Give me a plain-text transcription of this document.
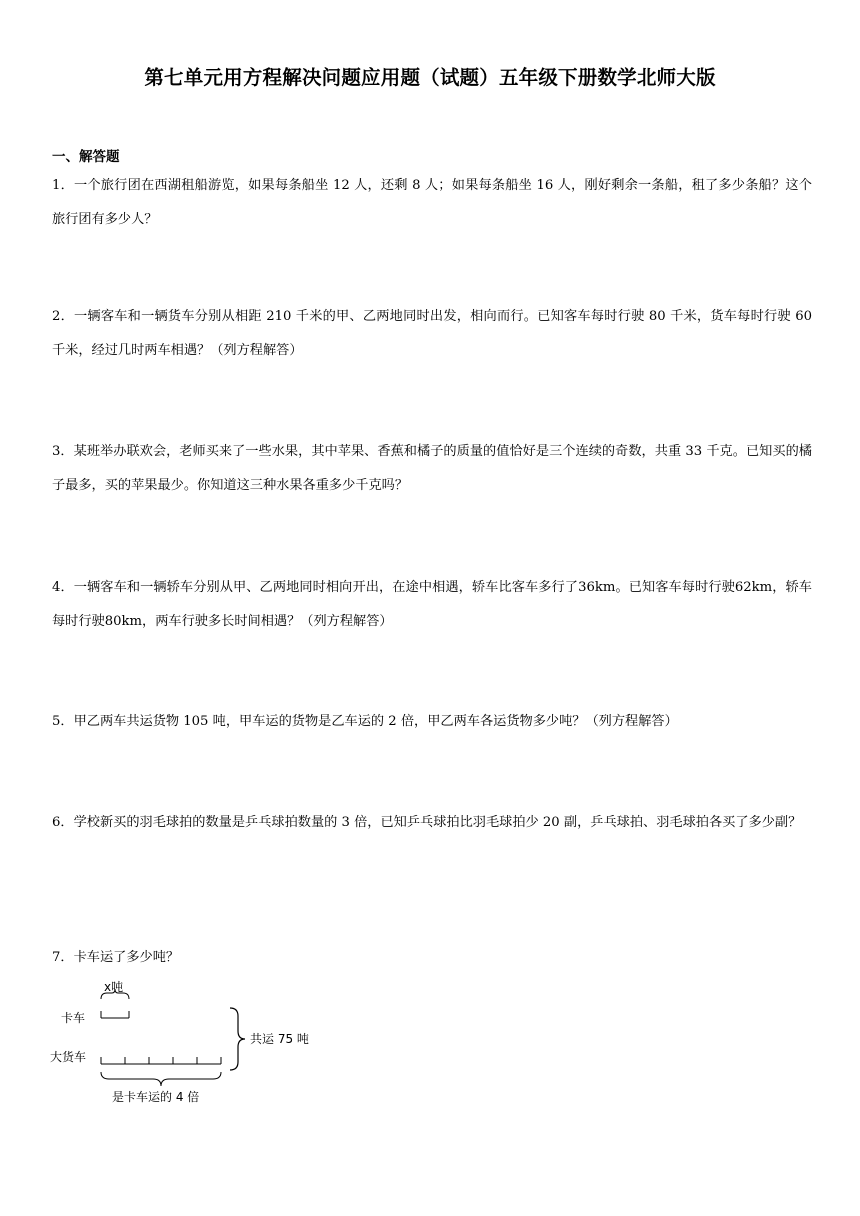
第七单元用方程解决问题应用题（试题）五年级下册数学北师大版
一、解答题

1．一个旅行团在西湖租船游览，如果每条船坐 12 人，还剩 8 人；如果每条船坐 16 人，刚好剩余一条船，租了多少条船？这个旅行团有多少人？

2．一辆客车和一辆货车分别从相距 210 千米的甲、乙两地同时出发，相向而行。已知客车每时行驶 80 千米，货车每时行驶 60 千米，经过几时两车相遇？（列方程解答）

3．某班举办联欢会，老师买来了一些水果，其中苹果、香蕉和橘子的质量的值恰好是三个连续的奇数，共重 33 千克。已知买的橘子最多，买的苹果最少。你知道这三种水果各重多少千克吗？

4．一辆客车和一辆轿车分别从甲、乙两地同时相向开出，在途中相遇，轿车比客车多行了36km。已知客车每时行驶62km，轿车每时行驶80km，两车行驶多长时间相遇？（列方程解答）

5．甲乙两车共运货物 105 吨，甲车运的货物是乙车运的 2 倍，甲乙两车各运货物多少吨？（列方程解答）

6．学校新买的羽毛球拍的数量是乒乓球拍数量的 3 倍，已知乒乓球拍比羽毛球拍少 20 副，乒乓球拍、羽毛球拍各买了多少副？

7．卡车运了多少吨？

x吨
卡车
大货车
是卡车运的 4 倍
共运 75 吨
